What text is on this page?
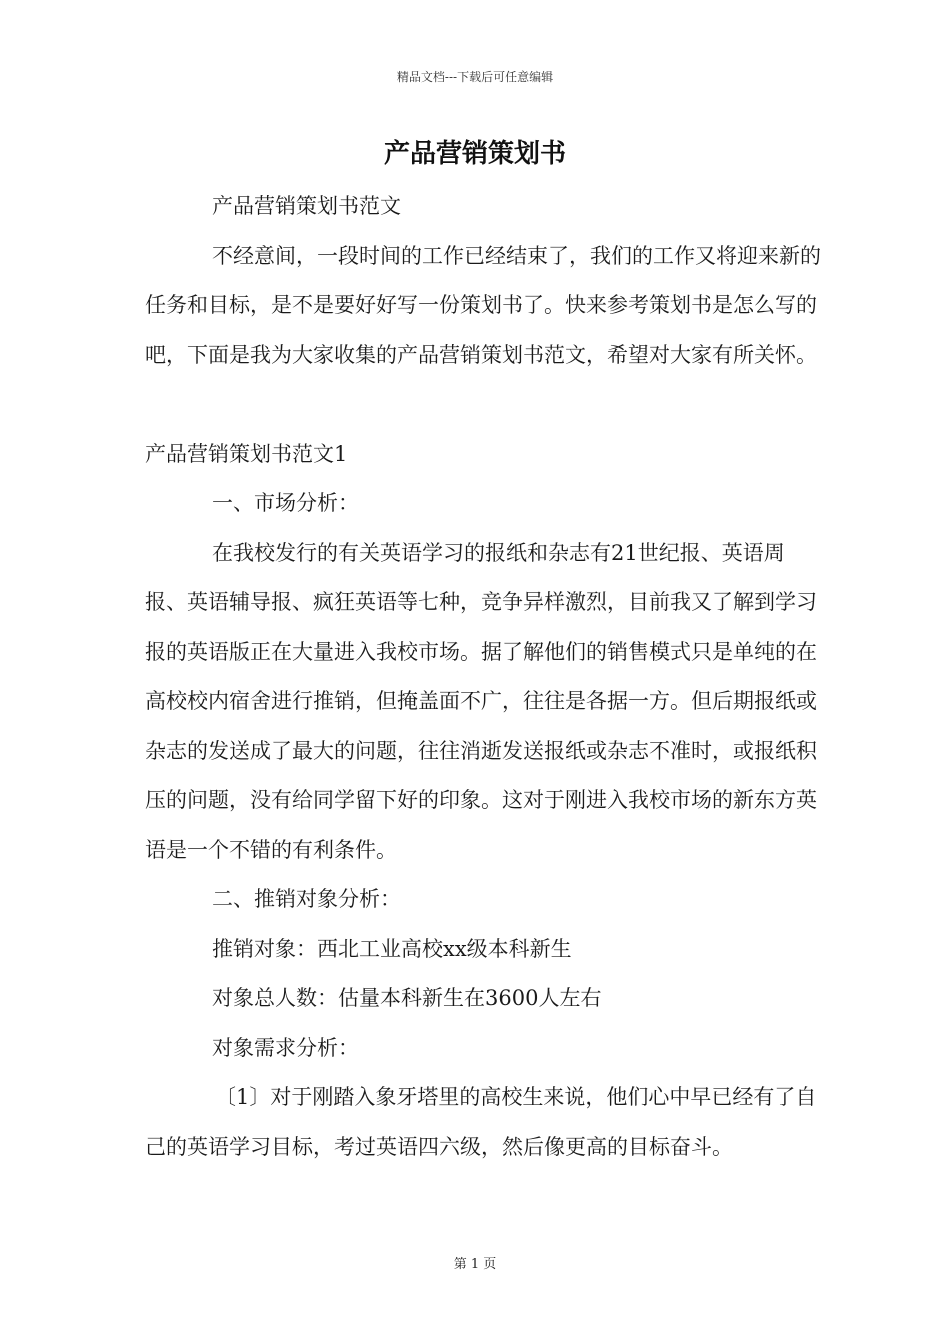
精品文档---下载后可任意编辑
产品营销策划书

产品营销策划书范文

不经意间，一段时间的工作已经结束了，我们的工作又将迎来新的任务和目标，是不是要好好写一份策划书了。快来参考策划书是怎么写的吧，下面是我为大家收集的产品营销策划书范文，希望对大家有所关怀。

产品营销策划书范文1

一、市场分析：

在我校发行的有关英语学习的报纸和杂志有21世纪报、英语周报、英语辅导报、疯狂英语等七种，竞争异样激烈，目前我又了解到学习报的英语版正在大量进入我校市场。据了解他们的销售模式只是单纯的在高校校内宿舍进行推销，但掩盖面不广，往往是各据一方。但后期报纸或杂志的发送成了最大的问题，往往消逝发送报纸或杂志不准时，或报纸积压的问题，没有给同学留下好的印象。这对于刚进入我校市场的新东方英语是一个不错的有利条件。

二、推销对象分析：

推销对象：西北工业高校xx级本科新生

对象总人数：估量本科新生在3600人左右

对象需求分析：

〔1〕对于刚踏入象牙塔里的高校生来说，他们心中早已经有了自己的英语学习目标，考过英语四六级，然后像更高的目标奋斗。

第 1 页
